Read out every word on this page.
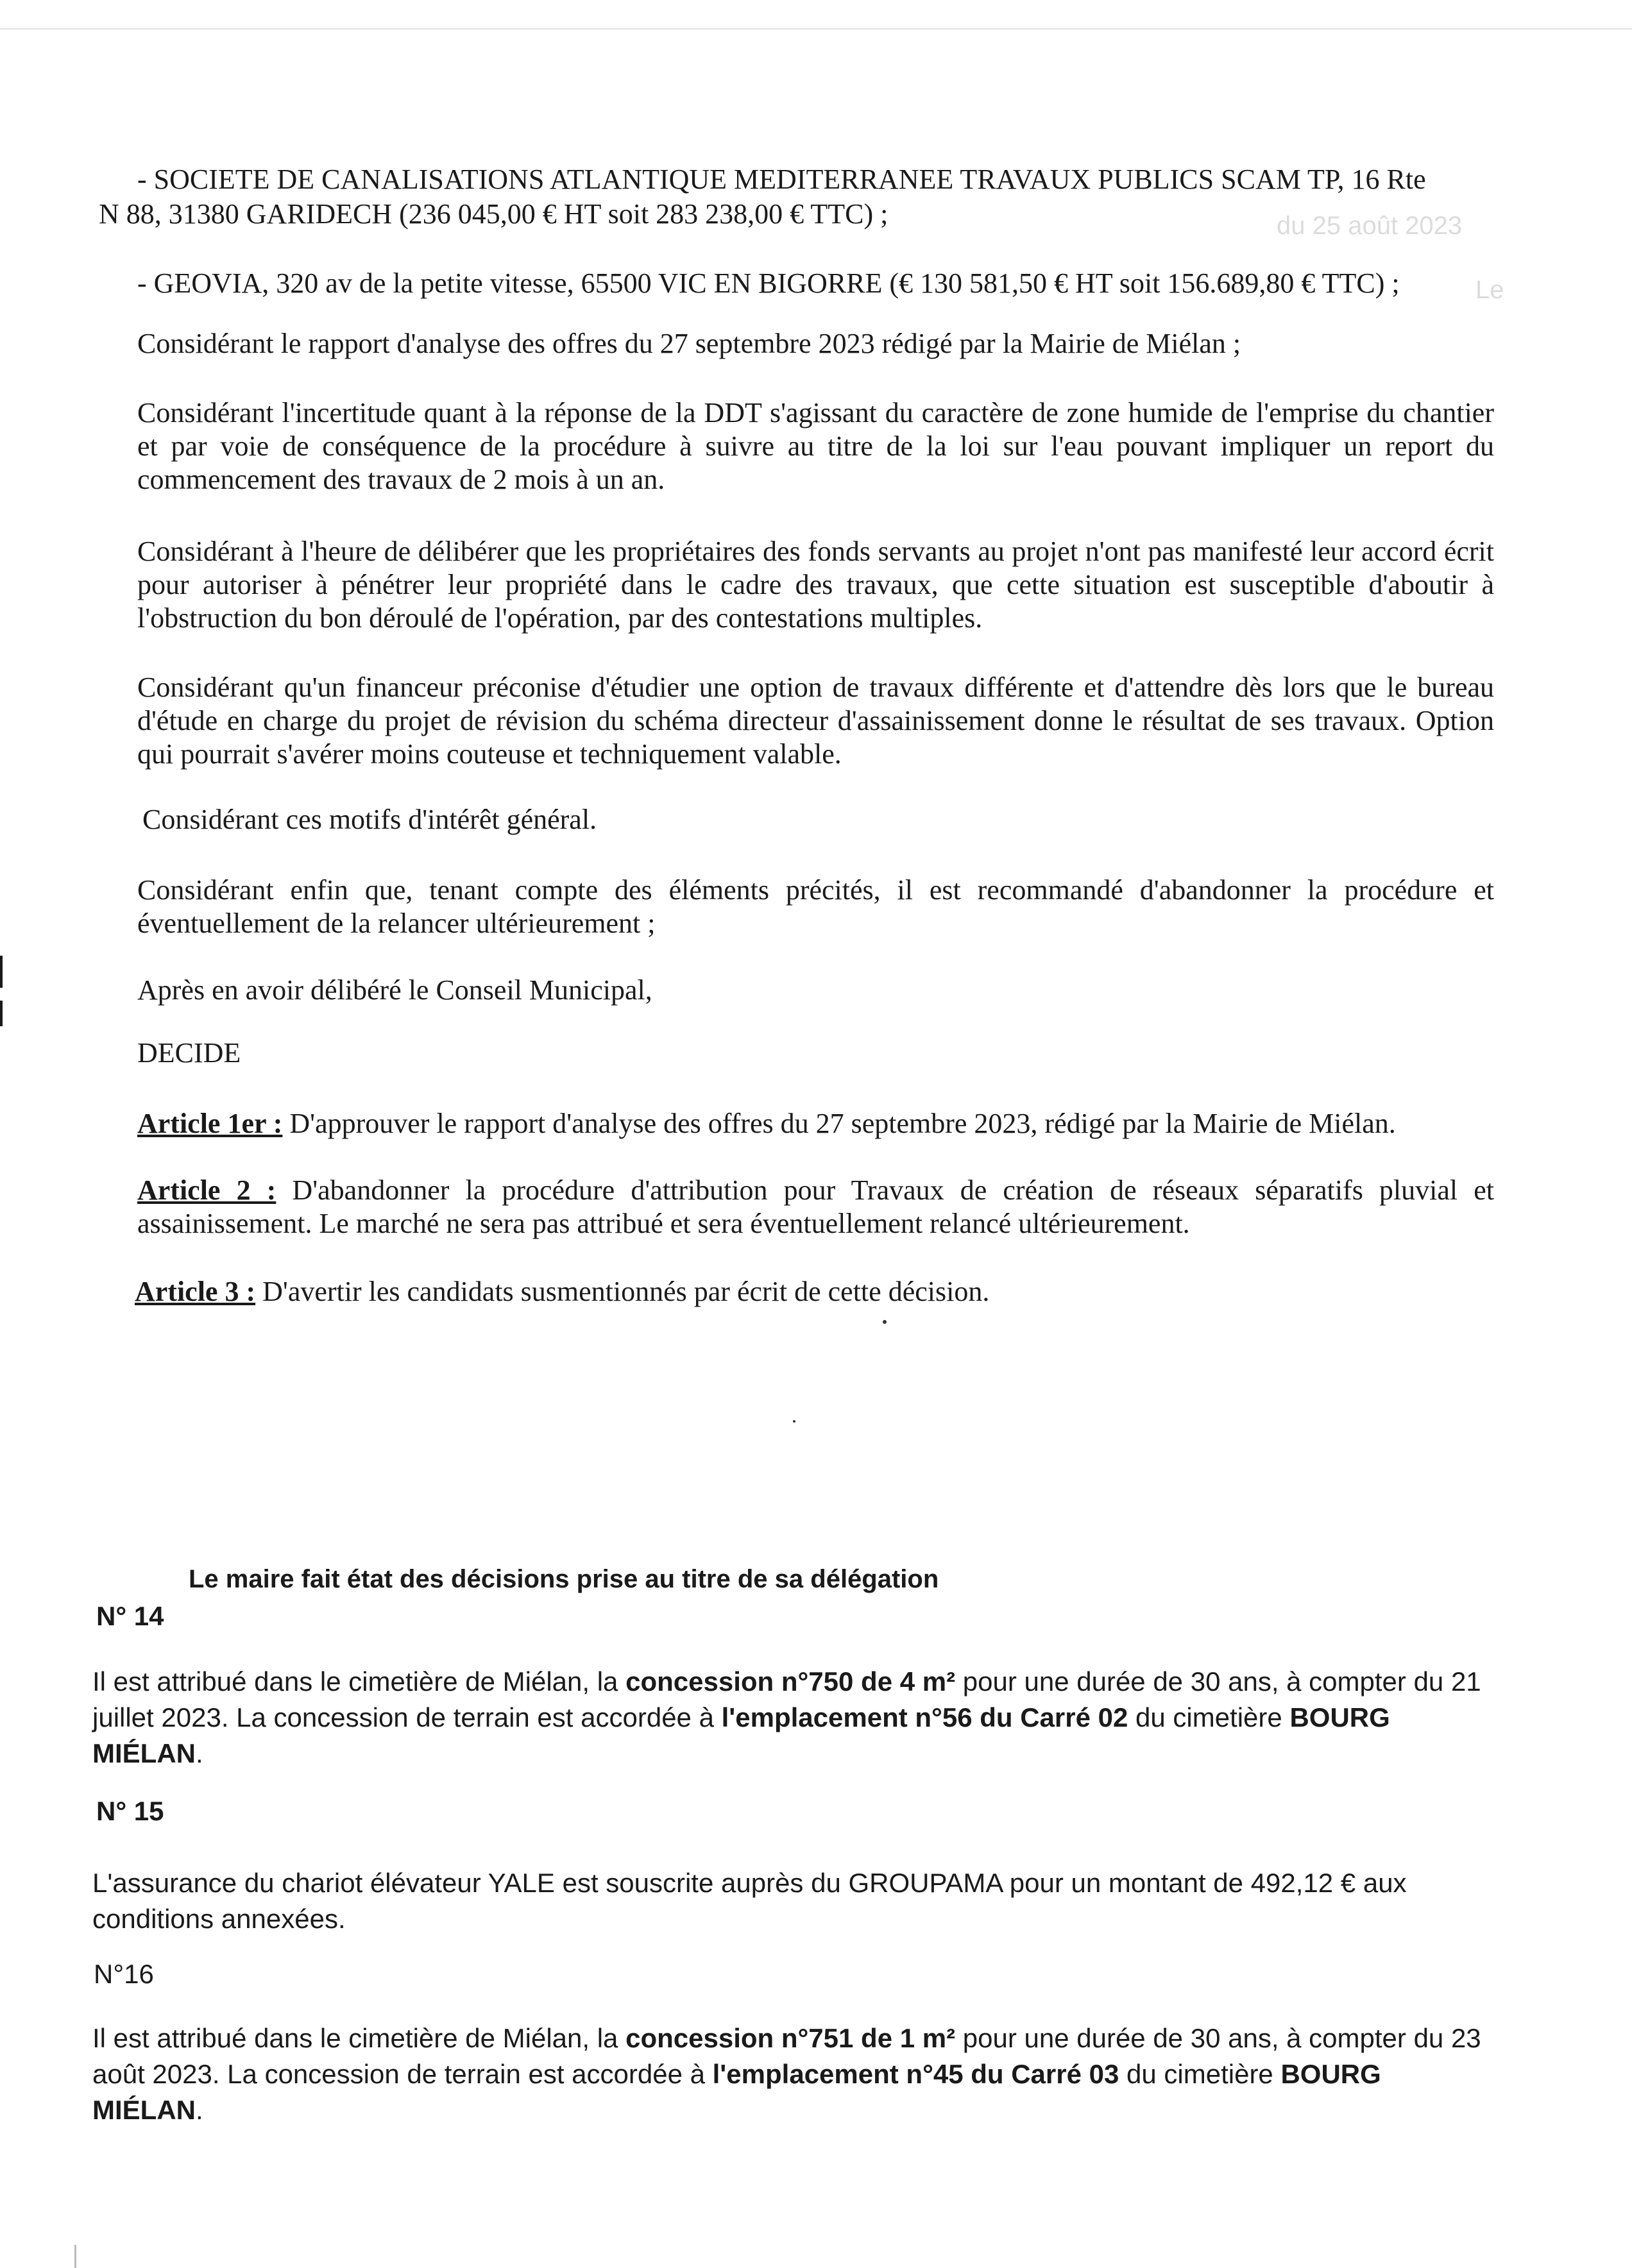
du 25 août 2023
Le

- SOCIETE DE CANALISATIONS ATLANTIQUE MEDITERRANEE TRAVAUX PUBLICS SCAM TP, 16 Rte

N 88, 31380 GARIDECH (236 045,00 € HT soit 283 238,00 € TTC) ;

- GEOVIA, 320 av de la petite vitesse, 65500 VIC EN BIGORRE (€ 130 581,50 € HT soit 156.689,80 € TTC) ;

Considérant le rapport d'analyse des offres du 27 septembre 2023 rédigé par la Mairie de Miélan ;

Considérant l'incertitude quant à la réponse de la DDT s'agissant du caractère de zone humide de l'emprise du chantier et par voie de conséquence de la procédure à suivre au titre de la loi sur l'eau pouvant impliquer un report du commencement des travaux de 2 mois à un an.

Considérant à l'heure de délibérer que les propriétaires des fonds servants au projet n'ont pas manifesté leur accord écrit pour autoriser à pénétrer leur propriété dans le cadre des travaux, que cette situation est susceptible d'aboutir à l'obstruction du bon déroulé de l'opération, par des contestations multiples.

Considérant qu'un financeur préconise d'étudier une option de travaux différente et d'attendre dès lors que le bureau d'étude en charge du projet de révision du schéma directeur d'assainissement donne le résultat de ses travaux. Option qui pourrait s'avérer moins couteuse et techniquement valable.

Considérant ces motifs d'intérêt général.

Considérant enfin que, tenant compte des éléments précités, il est recommandé d'abandonner la procédure et éventuellement de la relancer ultérieurement ;

Après en avoir délibéré le Conseil Municipal,

DECIDE

Article 1er : D'approuver le rapport d'analyse des offres du 27 septembre 2023, rédigé par la Mairie de Miélan.

Article 2 : D'abandonner la procédure d'attribution pour Travaux de création de réseaux séparatifs pluvial et assainissement. Le marché ne sera pas attribué et sera éventuellement relancé ultérieurement.

Article 3 : D'avertir les candidats susmentionnés par écrit de cette décision.

Le maire fait état des décisions prise au titre de sa délégation

N° 14

Il est attribué dans le cimetière de Miélan, la concession n°750 de 4 m² pour une durée de 30 ans, à compter du 21 juillet 2023. La concession de terrain est accordée à l'emplacement n°56 du Carré 02 du cimetière BOURG MIÉLAN.

N° 15

L'assurance du chariot élévateur YALE est souscrite auprès du GROUPAMA pour un montant de 492,12 € aux conditions annexées.

N°16

Il est attribué dans le cimetière de Miélan, la concession n°751 de 1 m² pour une durée de 30 ans, à compter du 23 août 2023. La concession de terrain est accordée à l'emplacement n°45 du Carré 03 du cimetière BOURG MIÉLAN.
